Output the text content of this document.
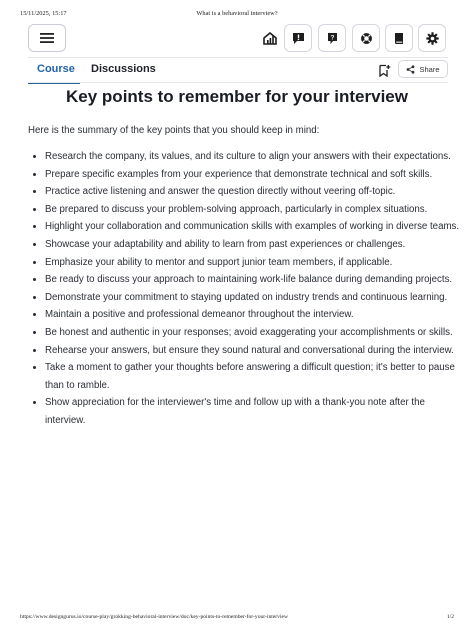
15/11/2025, 15:17	What is a behavioral interview?
?
Course Discussions	Share
Key points to remember for your interview

Here is the summary of the key points that you should keep in mind:

• Research the company, its values, and its culture to align your answers with their expectations.
• Prepare specific examples from your experience that demonstrate technical and soft skills.
• Practice active listening and answer the question directly without veering off-topic.
• Be prepared to discuss your problem-solving approach, particularly in complex situations.
• Highlight your collaboration and communication skills with examples of working in diverse teams.
• Showcase your adaptability and ability to learn from past experiences or challenges.
• Emphasize your ability to mentor and support junior team members, if applicable.
• Be ready to discuss your approach to maintaining work-life balance during demanding projects.
• Demonstrate your commitment to staying updated on industry trends and continuous learning.
• Maintain a positive and professional demeanor throughout the interview.
• Be honest and authentic in your responses; avoid exaggerating your accomplishments or skills.
• Rehearse your answers, but ensure they sound natural and conversational during the interview.
• Take a moment to gather your thoughts before answering a difficult question; it's better to pause than to ramble.
• Show appreciation for the interviewer's time and follow up with a thank-you note after the interview.
https://www.designgurus.io/course-play/grokking-behavioral-interview/doc/key-points-to-remember-for-your-interview	1/2
